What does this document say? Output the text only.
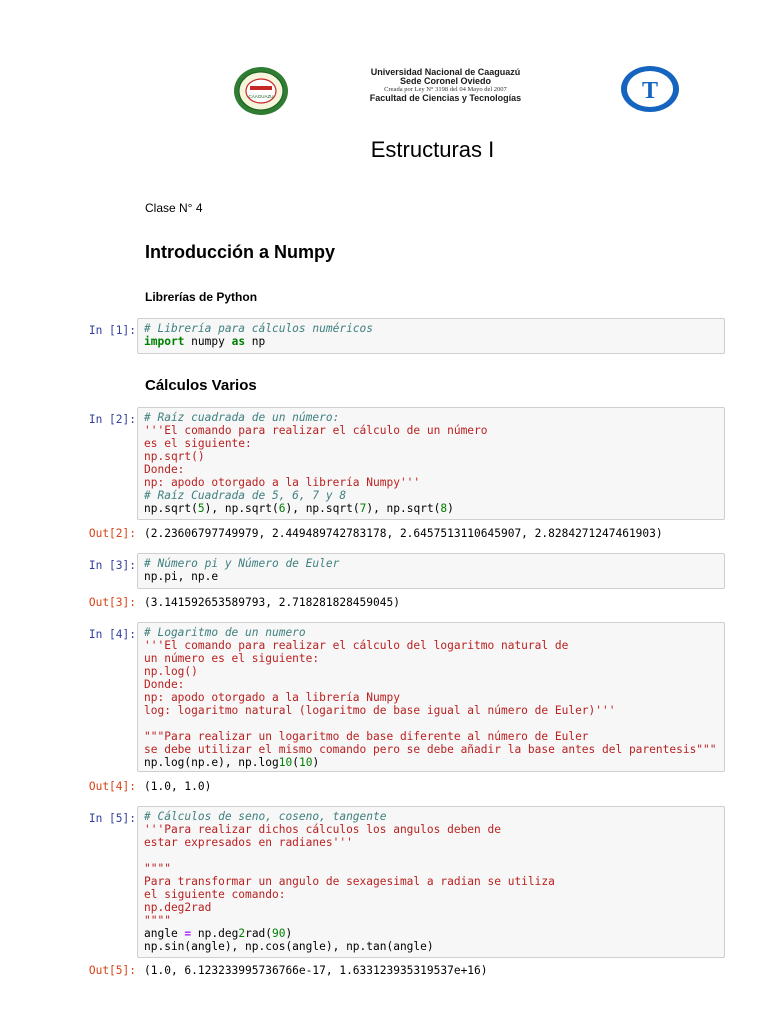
CAAGUAZU
Universidad Nacional de Caaguazú
Sede Coronel Oviedo
Creada por Ley N° 3198 del 04 Mayo del 2007
Facultad de Ciencias y Tecnologías	T
Estructuras I
Clase N° 4
Introducción a Numpy
Librerías de Python
Cálculos Varios
In [1]: # Librería para cálculos numéricos
import numpy as np
In [2]: # Raíz cuadrada de un número:
'''El comando para realizar el cálculo de un número
es el siguiente:
np.sqrt()
Donde:
np: apodo otorgado a la librería Numpy'''
# Raíz Cuadrada de 5, 6, 7 y 8
np.sqrt(5), np.sqrt(6), np.sqrt(7), np.sqrt(8)
Out[2]: (2.23606797749979, 2.449489742783178, 2.6457513110645907, 2.8284271247461903)
In [3]: # Número pi y Número de Euler
np.pi, np.e
Out[3]: (3.141592653589793, 2.718281828459045)
In [4]: # Logaritmo de un numero
'''El comando para realizar el cálculo del logaritmo natural de
un número es el siguiente:
np.log()
Donde:
np: apodo otorgado a la librería Numpy
log: logaritmo natural (logaritmo de base igual al número de Euler)'''

"""Para realizar un logaritmo de base diferente al número de Euler
se debe utilizar el mismo comando pero se debe añadir la base antes del parentesis"""
np.log(np.e), np.log10(10)
Out[4]: (1.0, 1.0)
In [5]: # Cálculos de seno, coseno, tangente
'''Para realizar dichos cálculos los angulos deben de
estar expresados en radianes'''

""""
Para transformar un angulo de sexagesimal a radian se utiliza
el siguiente comando:
np.deg2rad
""""
angle = np.deg2rad(90)
np.sin(angle), np.cos(angle), np.tan(angle)
Out[5]: (1.0, 6.123233995736766e-17, 1.633123935319537e+16)
